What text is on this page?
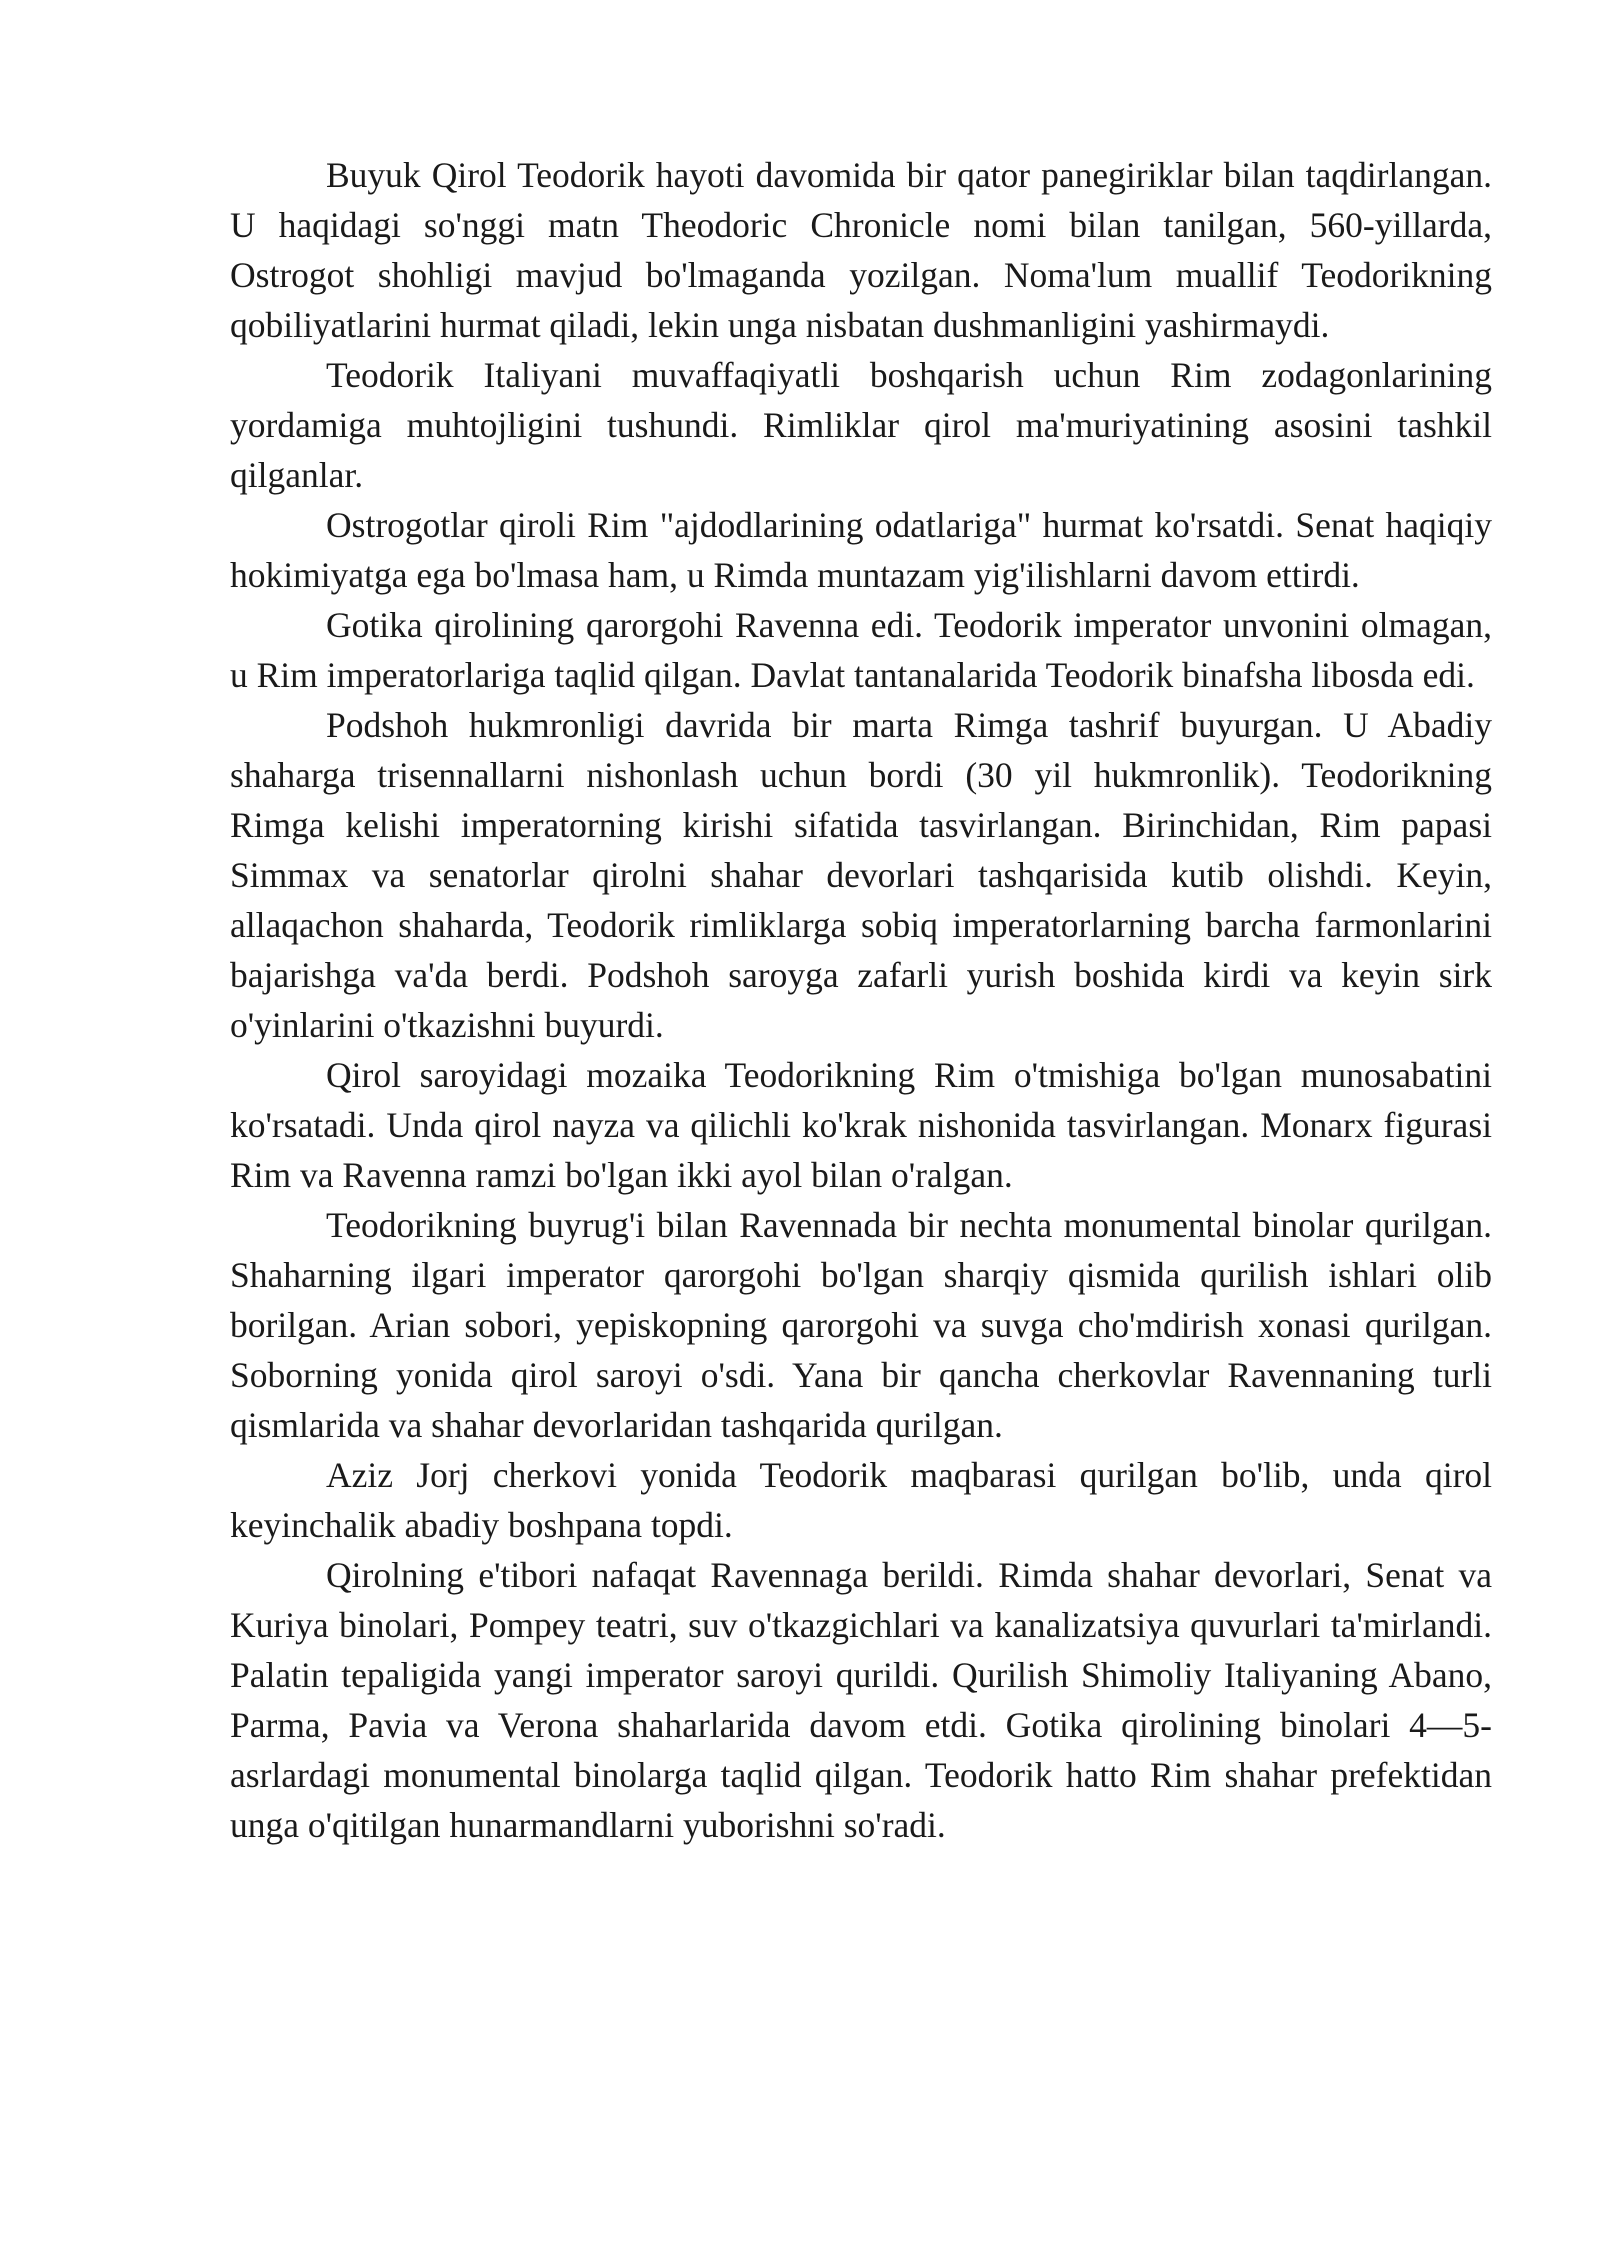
Buyuk Qirol Teodorik hayoti davomida bir qator panegiriklar bilan taqdirlangan. U haqidagi so'nggi matn Theodoric Chronicle nomi bilan tanilgan, 560-yillarda, Ostrogot shohligi mavjud bo'lmaganda yozilgan. Noma'lum muallif Teodorikning qobiliyatlarini hurmat qiladi, lekin unga nisbatan dushmanligini yashirmaydi.

Teodorik Italiyani muvaffaqiyatli boshqarish uchun Rim zodagonlarining yordamiga muhtojligini tushundi. Rimliklar qirol ma'muriyatining asosini tashkil qilganlar.

Ostrogotlar qiroli Rim "ajdodlarining odatlariga" hurmat ko'rsatdi. Senat haqiqiy hokimiyatga ega bo'lmasa ham, u Rimda muntazam yig'ilishlarni davom ettirdi.

Gotika qirolining qarorgohi Ravenna edi. Teodorik imperator unvonini olmagan, u Rim imperatorlariga taqlid qilgan. Davlat tantanalarida Teodorik binafsha libosda edi.

Podshoh hukmronligi davrida bir marta Rimga tashrif buyurgan. U Abadiy shaharga trisennallarni nishonlash uchun bordi (30 yil hukmronlik). Teodorikning Rimga kelishi imperatorning kirishi sifatida tasvirlangan. Birinchidan, Rim papasi Simmax va senatorlar qirolni shahar devorlari tashqarisida kutib olishdi. Keyin, allaqachon shaharda, Teodorik rimliklarga sobiq imperatorlarning barcha farmonlarini bajarishga va'da berdi. Podshoh saroyga zafarli yurish boshida kirdi va keyin sirk o'yinlarini o'tkazishni buyurdi.

Qirol saroyidagi mozaika Teodorikning Rim o'tmishiga bo'lgan munosabatini ko'rsatadi. Unda qirol nayza va qilichli ko'krak nishonida tasvirlangan. Monarx figurasi Rim va Ravenna ramzi bo'lgan ikki ayol bilan o'ralgan.

Teodorikning buyrug'i bilan Ravennada bir nechta monumental binolar qurilgan. Shaharning ilgari imperator qarorgohi bo'lgan sharqiy qismida qurilish ishlari olib borilgan. Arian sobori, yepiskopning qarorgohi va suvga cho'mdirish xonasi qurilgan. Soborning yonida qirol saroyi o'sdi. Yana bir qancha cherkovlar Ravennaning turli qismlarida va shahar devorlaridan tashqarida qurilgan.

Aziz Jorj cherkovi yonida Teodorik maqbarasi qurilgan bo'lib, unda qirol keyinchalik abadiy boshpana topdi.

Qirolning e'tibori nafaqat Ravennaga berildi. Rimda shahar devorlari, Senat va Kuriya binolari, Pompey teatri, suv o'tkazgichlari va kanalizatsiya quvurlari ta'mirlandi. Palatin tepaligida yangi imperator saroyi qurildi. Qurilish Shimoliy Italiyaning Abano, Parma, Pavia va Verona shaharlarida davom etdi. Gotika qirolining binolari 4—5-asrlardagi monumental binolarga taqlid qilgan. Teodorik hatto Rim shahar prefektidan unga o'qitilgan hunarmandlarni yuborishni so'radi.
